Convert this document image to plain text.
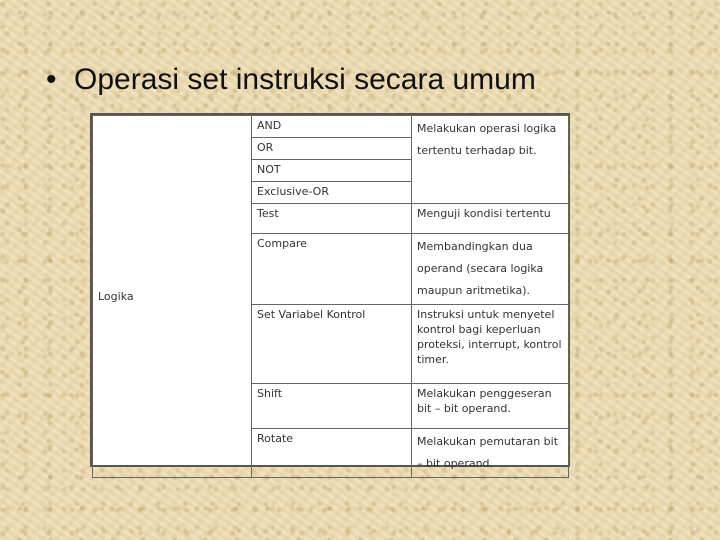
• Operasi set instruksi secara umum
Logika	AND	Melakukan operasi logika tertentu terhadap bit.
	OR	
	NOT	
	Exclusive-OR	
	Test	Menguji kondisi tertentu
	Compare	Membandingkan dua operand (secara logika maupun aritmetika).
	Set Variabel Kontrol	Instruksi untuk menyetel kontrol bagi keperluan proteksi, interrupt, kontrol timer.
	Shift	Melakukan penggeseran bit – bit operand.
	Rotate	Melakukan pemutaran bit – bit operand.
